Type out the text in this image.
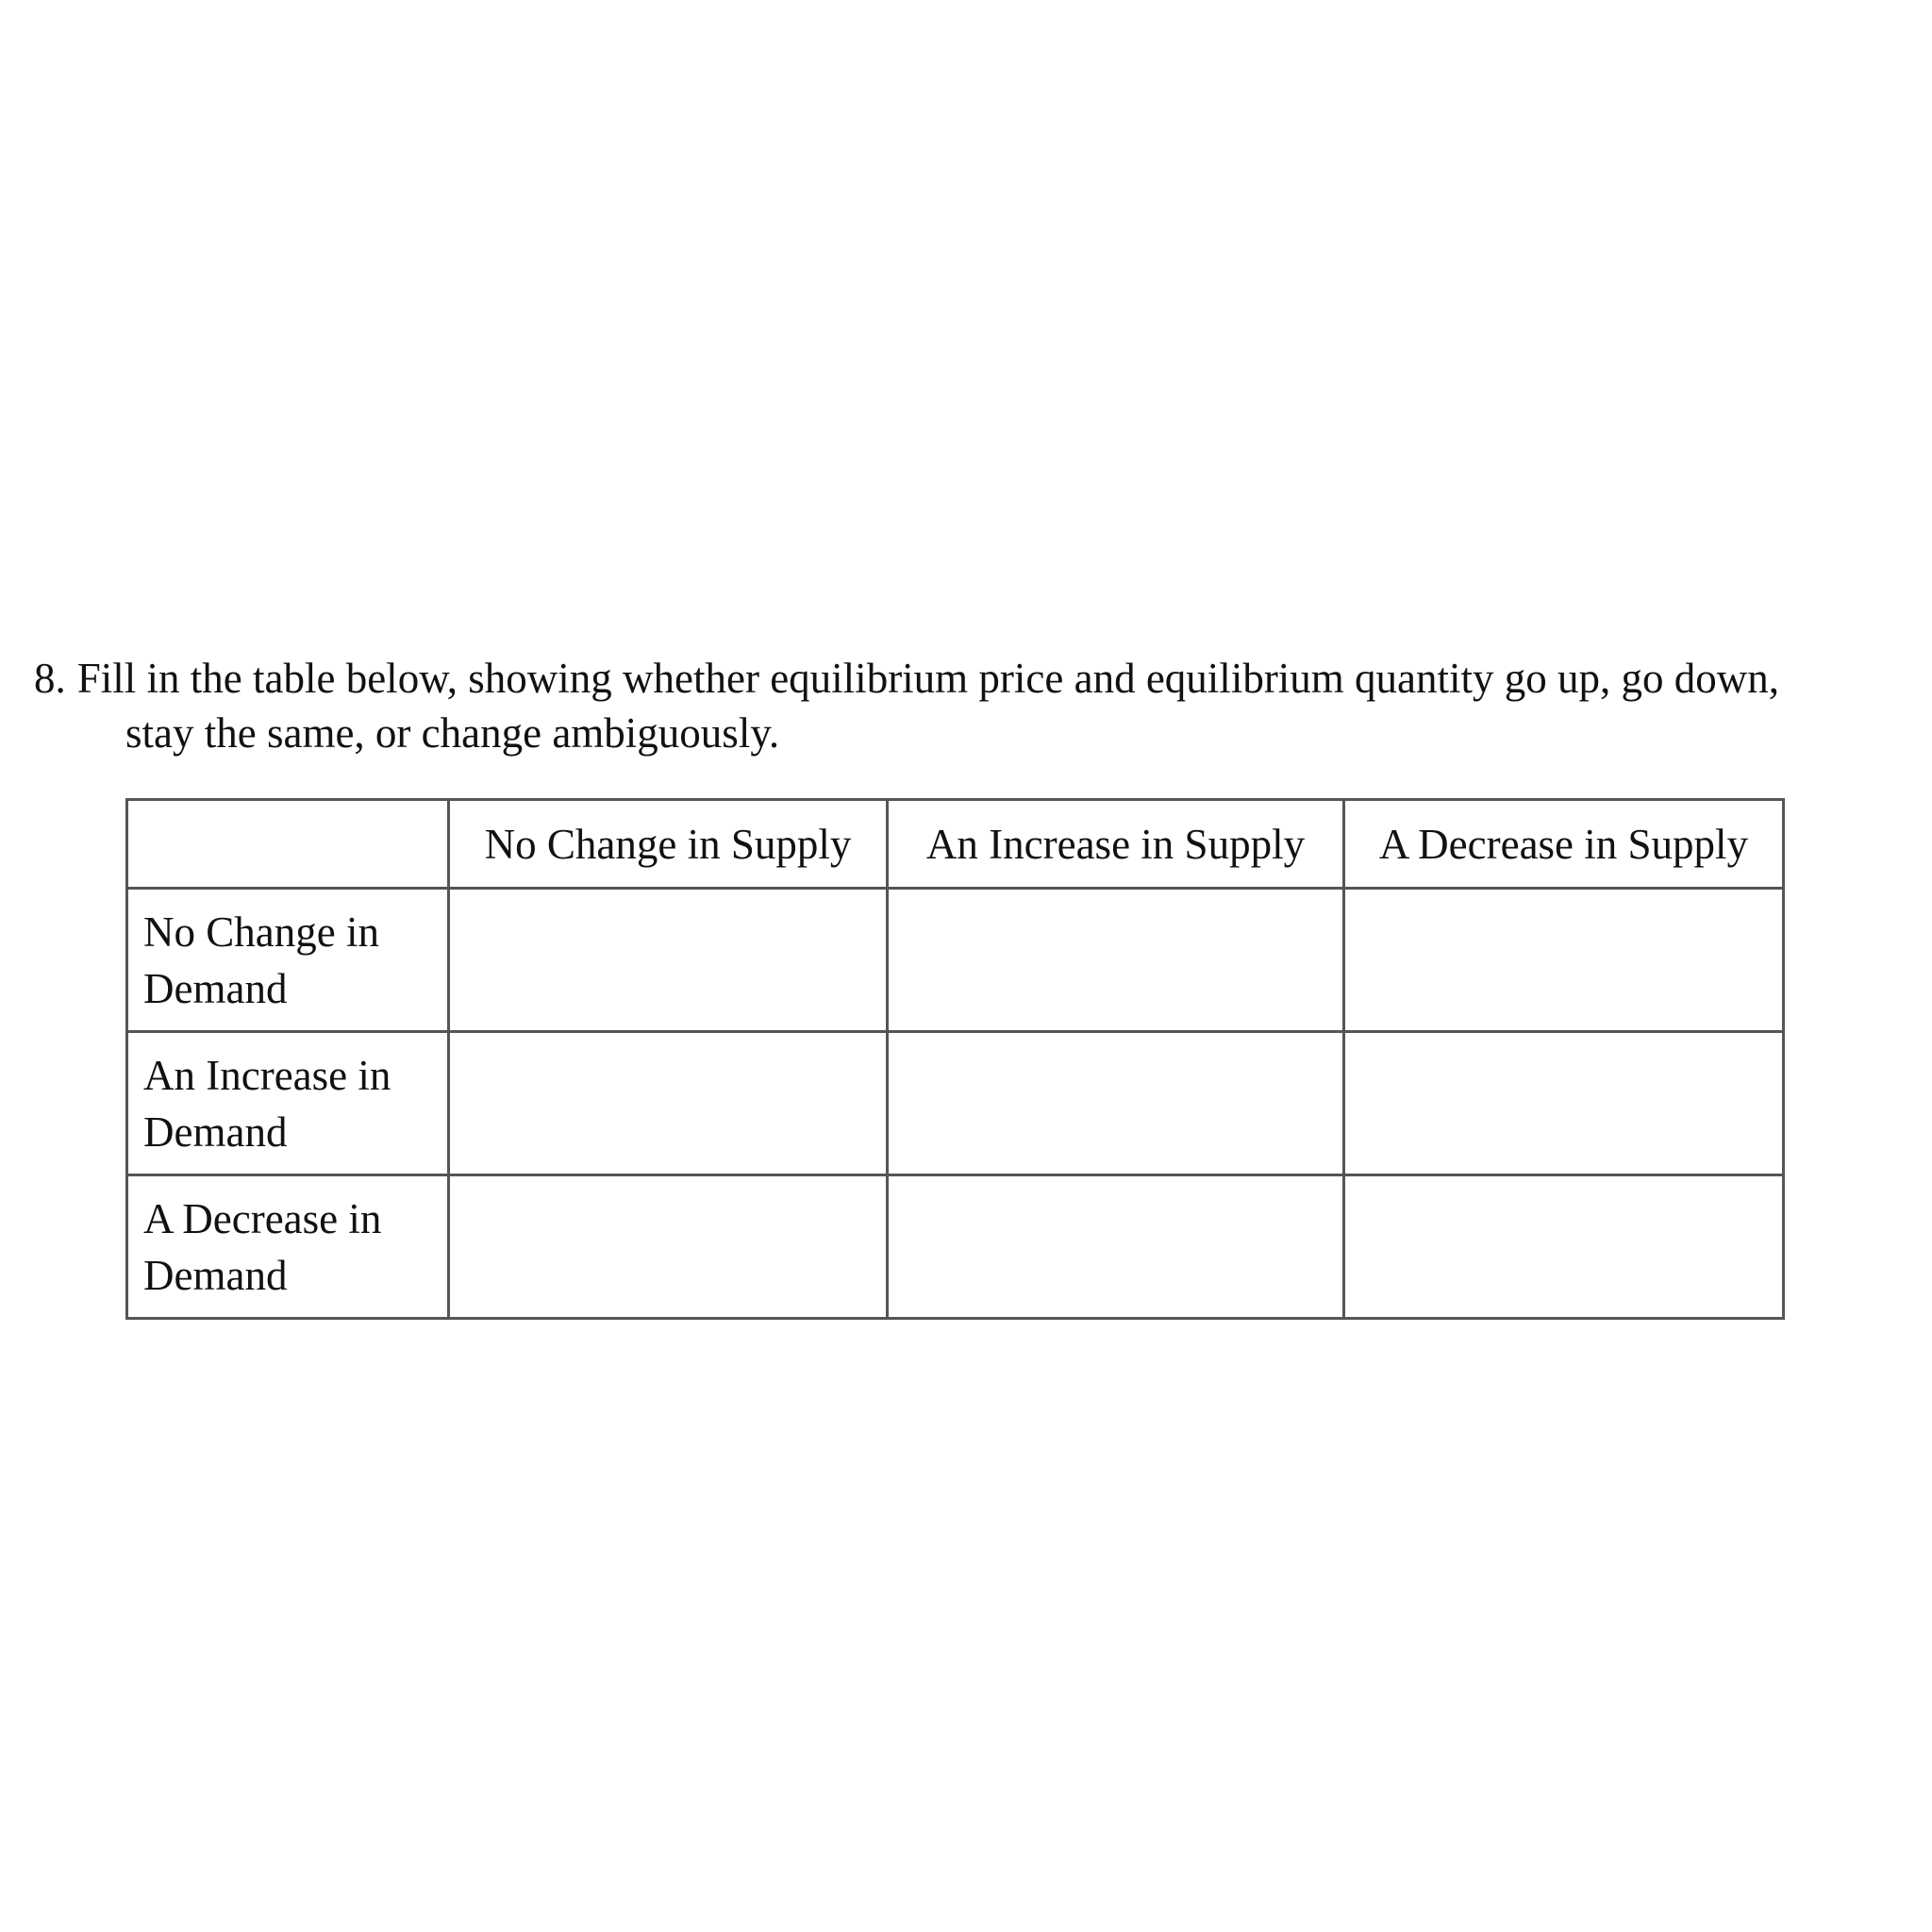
8. Fill in the table below, showing whether equilibrium price and equilibrium quantity go up, go down, stay the same, or change ambiguously.
	No Change in Supply	An Increase in Supply	A Decrease in Supply
No Change in Demand			
An Increase in Demand			
A Decrease in Demand			
